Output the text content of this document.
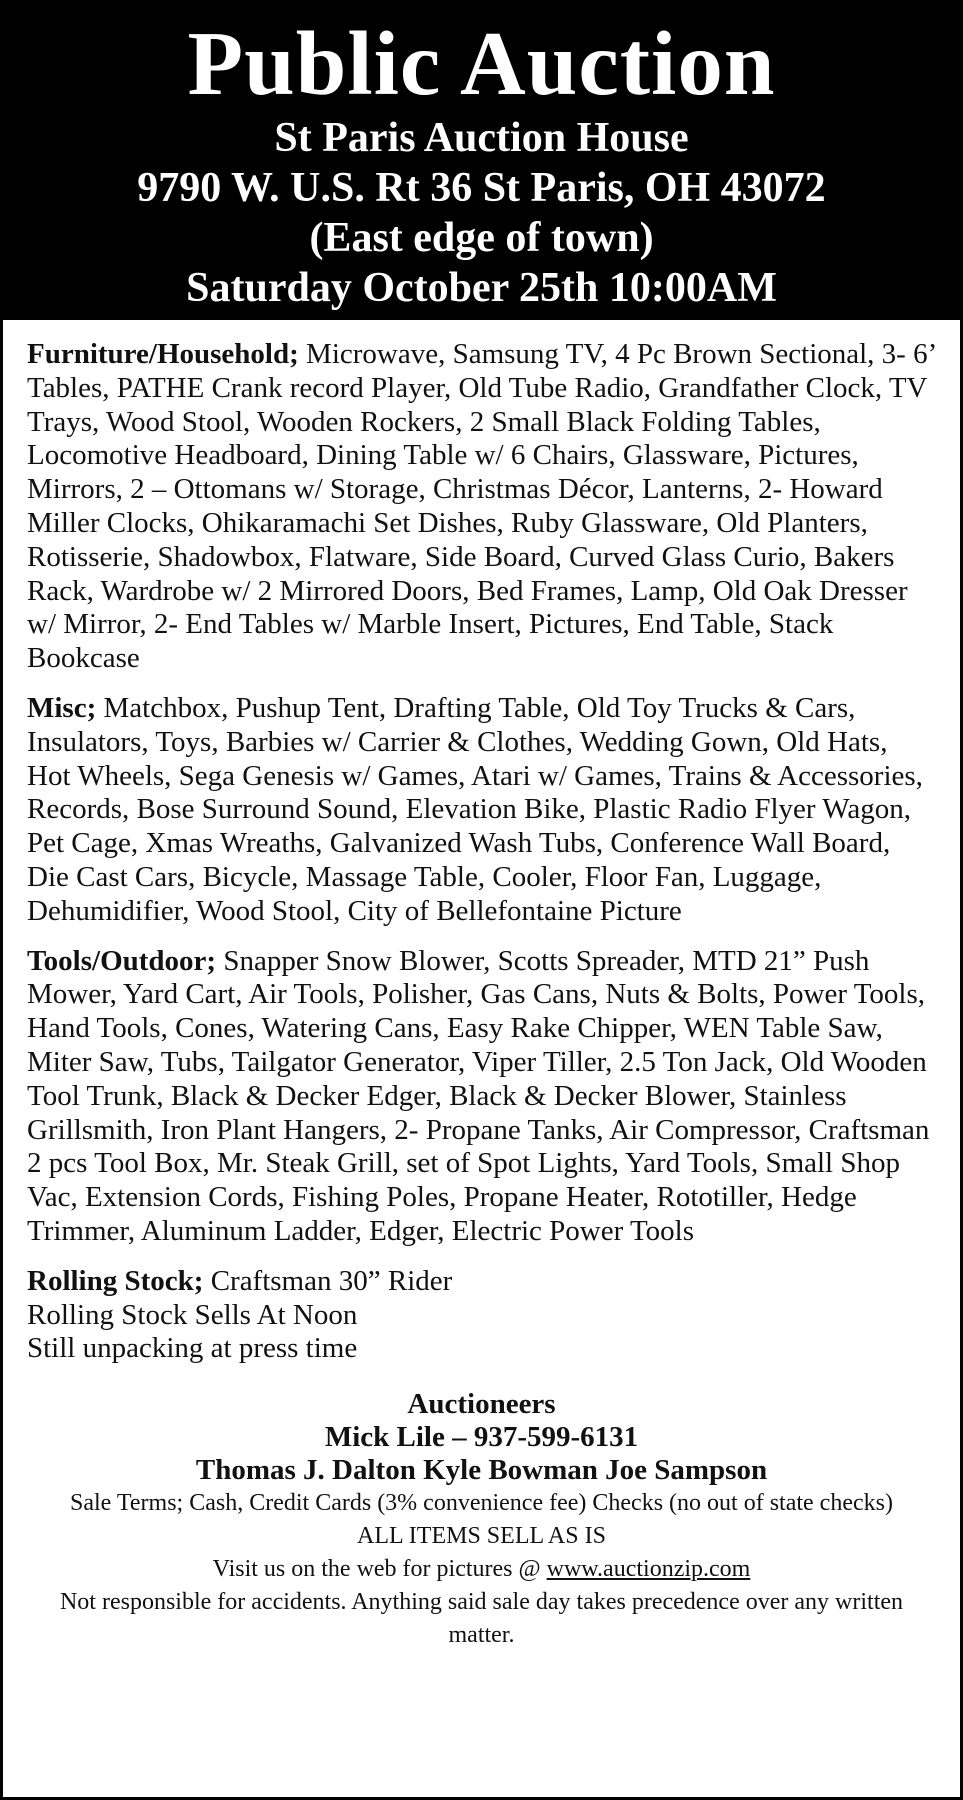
Public Auction
St Paris Auction House
9790 W. U.S. Rt 36 St Paris, OH 43072
(East edge of town)
Saturday October 25th 10:00AM

Furniture/Household; Microwave, Samsung TV, 4 Pc Brown Sectional, 3- 6’ Tables, PATHE Crank record Player, Old Tube Radio, Grandfather Clock, TV Trays, Wood Stool, Wooden Rockers, 2 Small Black Folding Tables, Locomotive Headboard, Dining Table w/ 6 Chairs, Glassware, Pictures, Mirrors, 2 – Ottomans w/ Storage, Christmas Décor, Lanterns, 2- Howard Miller Clocks, Ohikaramachi Set Dishes, Ruby Glassware, Old Planters, Rotisserie, Shadowbox, Flatware, Side Board, Curved Glass Curio, Bakers Rack, Wardrobe w/ 2 Mirrored Doors, Bed Frames, Lamp, Old Oak Dresser w/ Mirror, 2- End Tables w/ Marble Insert, Pictures, End Table, Stack Bookcase

Misc; Matchbox, Pushup Tent, Drafting Table, Old Toy Trucks & Cars, Insulators, Toys, Barbies w/ Carrier & Clothes, Wedding Gown, Old Hats, Hot Wheels, Sega Genesis w/ Games, Atari w/ Games, Trains & Accessories, Records, Bose Surround Sound, Elevation Bike, Plastic Radio Flyer Wagon, Pet Cage, Xmas Wreaths, Galvanized Wash Tubs, Conference Wall Board, Die Cast Cars, Bicycle, Massage Table, Cooler, Floor Fan, Luggage, Dehumidifier, Wood Stool, City of Bellefontaine Picture

Tools/Outdoor; Snapper Snow Blower, Scotts Spreader, MTD 21” Push Mower, Yard Cart, Air Tools, Polisher, Gas Cans, Nuts & Bolts, Power Tools, Hand Tools, Cones, Watering Cans, Easy Rake Chipper, WEN Table Saw, Miter Saw, Tubs, Tailgator Generator, Viper Tiller, 2.5 Ton Jack, Old Wooden Tool Trunk, Black & Decker Edger, Black & Decker Blower, Stainless Grillsmith, Iron Plant Hangers, 2- Propane Tanks, Air Compressor, Craftsman 2 pcs Tool Box, Mr. Steak Grill, set of Spot Lights, Yard Tools, Small Shop Vac, Extension Cords, Fishing Poles, Propane Heater, Rototiller, Hedge Trimmer, Aluminum Ladder, Edger, Electric Power Tools

Rolling Stock; Craftsman 30” Rider
Rolling Stock Sells At Noon
Still unpacking at press time

Auctioneers
Mick Lile – 937-599-6131
Thomas J. Dalton Kyle Bowman Joe Sampson
Sale Terms; Cash, Credit Cards (3% convenience fee) Checks (no out of state checks)
ALL ITEMS SELL AS IS
Visit us on the web for pictures @ www.auctionzip.com
Not responsible for accidents. Anything said sale day takes precedence over any written matter.
